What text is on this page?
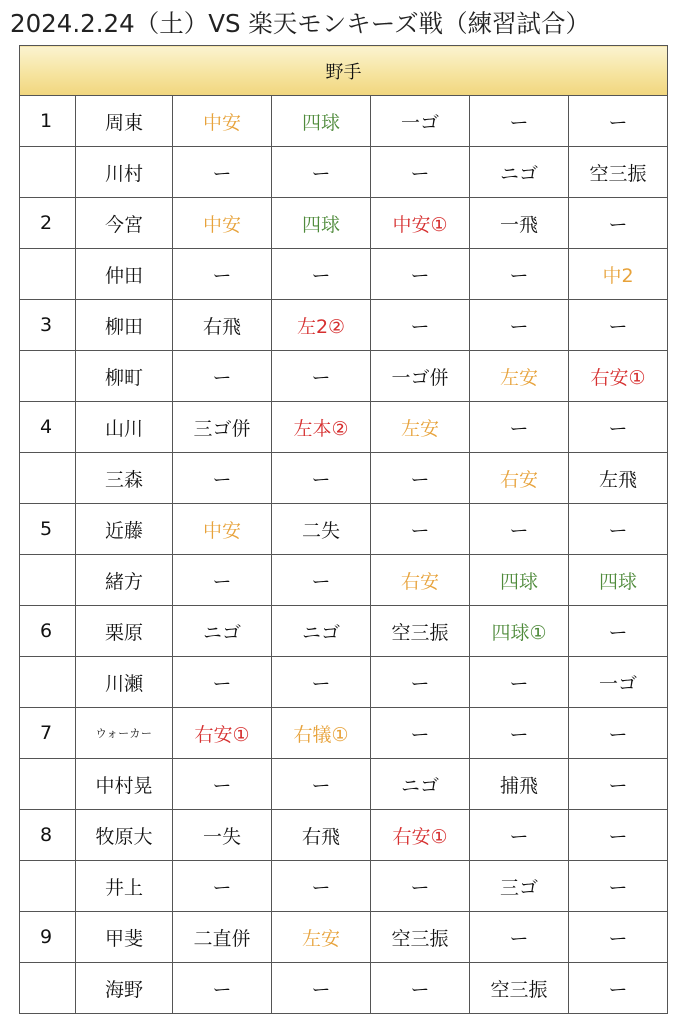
2024.2.24（土）VS 楽天モンキーズ戦（練習試合）
野手						
1	周東	中安	四球	一ゴ	ー	ー
	川村	ー	ー	ー	ニゴ	空三振
2	今宮	中安	四球	中安①	一飛	ー
	仲田	ー	ー	ー	ー	中2
3	柳田	右飛	左2②	ー	ー	ー
	柳町	ー	ー	一ゴ併	左安	右安①
4	山川	三ゴ併	左本②	左安	ー	ー
	三森	ー	ー	ー	右安	左飛
5	近藤	中安	二失	ー	ー	ー
	緒方	ー	ー	右安	四球	四球
6	栗原	ニゴ	ニゴ	空三振	四球①	ー
	川瀬	ー	ー	ー	ー	一ゴ
7	ウォーカー	右安①	右犠①	ー	ー	ー
	中村晃	ー	ー	ニゴ	捕飛	ー
8	牧原大	一失	右飛	右安①	ー	ー
	井上	ー	ー	ー	三ゴ	ー
9	甲斐	二直併	左安	空三振	ー	ー
	海野	ー	ー	ー	空三振	ー
